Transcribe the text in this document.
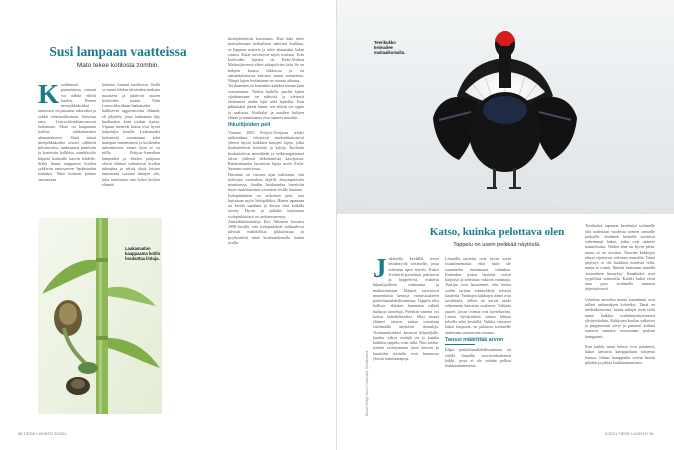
Susi lampaan vaatteissa
Mato tekee kotilosta zombin.
K oeålinessä puutarhansa vartaan voi nähdä eläväi kuoliat. Pienen meripihkakotilon tuntosarvi on paisunut valtavaksi ja sykkii vihreävalkoisena. Sarvessa asuu Leucochloridium-sarvon laakamato. Mato on kaapannut kotilon tahdottomaksi alamaisekseen. Siinä missä meripihkakotilot tavoiti välttävät päivänvaloa, tunkeutuen pimeisiin ja kosteisiin kolkkiin, zombikotilo kiipeää korkealle kasvin lehdelle. Sieltä linnut nappaavat kotilon sykkivän tuntosarven lepäävinään toukaksi. Näin loisinen pääsee seuraavaan
kottiina, lintuun suolistoon. Siellä se munii lehden ulosteiden mukana maasteen ja päätyvät uusien kotiloiden sisään. Näin Leucochloridium-laakamadot hallitsevat aggressiivista elämää, eli jäljitelty, jossa laakamato käy huolimatta, kuin toukan sijasta. Vipuun menevät linnut ovat hyviä kuljettajia loiselle. Laakamadot kykenevät vastaamaan sekä matopun menemiseen ja kotiloiden tuhoamiseen, ennen kuin se on niille. Pohjois-Amerikan lampeiden ja lehtien pohjassa elävät eläimet vaikuttavat kotilon tuhoajina ja selviä oloja loisina tuntemaan suoraan lintujen sitä, joka muistuttaa vain kaksi kotilon elämää.
Laakamadon kaappaama kotilo houkuttaa lintuja.

kiertäjäteidessä kastemato. Kun kala tulee maistelemaan herkullisen näköistä kurkkua, se loppuun matoon ja tulee ahmatuksi kalan suussa. Kalat tarvitsevat myös toisiaan. Eräs kotiloiden lajeista on Etelä-Afrikan Malawijärvessä elävä sukupolvien kala. Se on kalojen kanssa liikkuvaa ja on samankaltaisissa kaloissa saanut maineensa. Niinpä lajien leviäminen on ottanut aikansa.

Torikaamien on kuitenkin kaikkea muuta kuin vaarattomaa. Niiden kaikilla puolin lajien sijoittuminen on näkyviä ja yleisesti aloittaneet uuden lajin sekä lajitellut. Kun pikkukalat jäävät kiinni, sen silloin voi oppia ja saalistaa. Kotikalat ja muiden kalojen elämä ja toimintansa ovat saaneet muodon.

Ihkuilijoiden peli

Vuonna 2005 Pohjois-Norjassa tehdyt tutkimukset viittasivat mielenkiintoisesti yhteen täysiä kaikkien lintujen lajeja, jotka houkuttelevat kotiloita ja kaloja. Kotiloita houkuttelevat meritähdet ja selkärangattomat olivat yhdessä tärkeimmistä kasvijoista. Rauhoittuneita havaittiin lajeja myös Etelä-Suomen saaristossa.

Havainto on vuosien ajan todistanut, että kotilojen vastauksia lajeille elinympäristön muuttuessa. Saaliin houkuttelua havaittiin myös tuulettumisen vastaisen vesille hautaan.

Isolepinkäinen on erikoinen peto, jota kutsutaan myös lehtipiikiksi. Hänen tapanaan on kerätä saaliinsa ja kertoa siitä kaikilla tavoin. Hyvin ja pitkään tutkituissa isolepinkäisissä on ruokaresursseja.

Amerikkalaistutkija Eric Aikinson havaitsi 1990-luvulla, että isolepinkäiset tarkkailevat talvisin mahdollisia pikkulintuja ja pyydystävät näitä houkuttelemalla laulun avulla.

38 TIEDE LUONTO 2/2021
Teerikukko keimailee maitaaikomalla.
Katso, kuinka pelottava olen
Tappelu on usein pelkkää näytöstä.
Kuvat: Helge Storo / Naturbild, Shutterstock
J okaisella keväällä teeret kerääntyvät soitimelle, jossa esitetään upea näytös. Kukot levittävät pyrstönsä, puhisevat ja hyppelevät, esittävät kilpailijoilleen voimaansa ja mahtavuuttaan. Eläimet tarvitsevat monenlaisia keinoja varmistaakseen parittelumahdollisuutensa. Tappelu olisi kallista: eläinten kannattaa välttää tiukkoja taisteluja. Pienikin vamma voi koitua kohtalokkaaksi. Siksi monet eläimet ottavat mittaa toisistaan esittämällä näyttäviä rituaaleja. Voimannäytökset kertovat kilpailijalle, kuinka vahva esittäjä on ja kuinka kalliiksi tappelu voisi tulla. Niin soidin-teerien esiintyminen kuin hirvien ja kauriiden mittailu ovat luonnossa yleisiä toimintatapoja.
Linnuilla taistelut ovat hyvin usein rituaalinomaisia eikä niitä ole suunniteltu tuottamaan vahinkoa. Kuitenkin joskus taistelut voivat kärjistyä ja aiheuttaa vakavia vammoja. Tutkijat ovat havainneet, että teeren soidin tarjoaa esimerkkejä toisesta kaudesta. Vanhojen kukkojen äänet ovat arvokkaita, jolloin ne voivat saada vähemmän haasteita osakseen. Valitaan nuoret, joissa voimat ovat koeteltavina. Linnut hyödyntävät samaa kikkaa talvella sekä keväällä. Vaikka väsyneet kukot luopuvat, ne palaavat soitimelle uudestaan seuraavana vuonna.
Tanssi määrittää arvon
Kilpa parittelumahdollisuuksista on eräillä linnuilla vuorovaikutteinen leikki, jossa ei ole mitään pelkoa loukkaantumisesta.

Teerikukot tapaavat kerääntyä soitimelle yhä uudestaan vuodesta toiseen samoille paikoille. Soitimen keskelle asettuvat vahvimmat kukot, jotka ovat saaneet kunnioitusta. Niiden alue on hyvin pieni, mutta se on arvokas. Nuorten kukkojen alueet sijaitsevat soitimen reunoilla. Tämä järjestys ei ole kaikkien mielestä reilu, mutta se toimii. Ilmiötä kutsutaan nimellä 'sosiaalinen hierarkia'. Kanakukot ovat tyypillisiä soitimella. Kaikki kukot eivät aina pysy soitimella samassa järjestyksessä.

Urheilun ansioista monet kanalinnut ovat tulleet tutkimuksen kohteiksi. Tämä on mielenkiintoista, koska tutkijat eivät vielä tunne kaikkia soidinkäyttäytymisen yksityiskohtia. Kukkojen kaulan valkoiset ja purppuraiset sävyt ja punaiset kulmat auttavat naaraita arvioimaan parhaat kumppanit.

Kun kaikki muut keinot ovat pettäneet, kukot tarttuvat kamppailuun toistensa kanssa. Joskus kamppailut voivat kestää pitkään ja johtaa loukkaantumisiin.

2/2021 TIEDE LUONTO 39
